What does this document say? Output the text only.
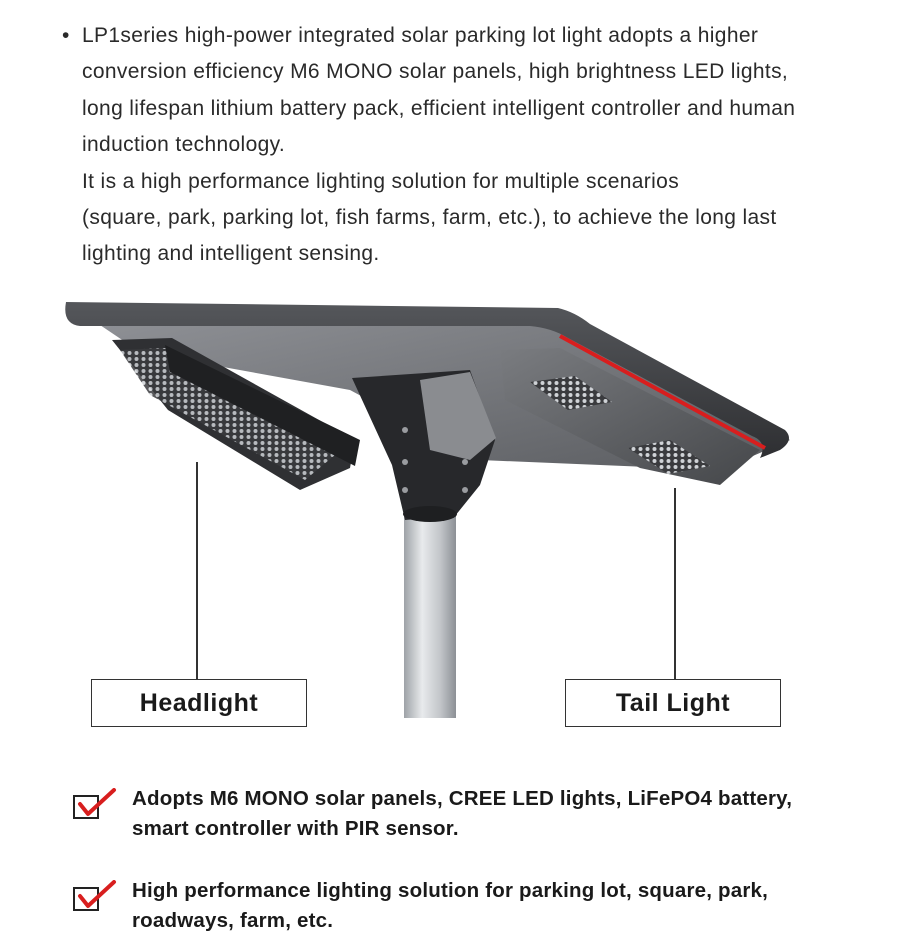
• LP1series high-power integrated solar parking lot light adopts a higher
conversion efficiency M6 MONO solar panels, high brightness LED lights,
long lifespan lithium battery pack, efficient intelligent controller and human
induction technology.
It is a high performance lighting solution for multiple scenarios
(square, park, parking lot, fish farms, farm, etc.), to achieve the long last
lighting and intelligent sensing.
Headlight	Tail Light
Adopts M6 MONO solar panels, CREE LED lights, LiFePO4 battery,
smart controller with PIR sensor.
High performance lighting solution for parking lot, square, park,
roadways, farm, etc.
